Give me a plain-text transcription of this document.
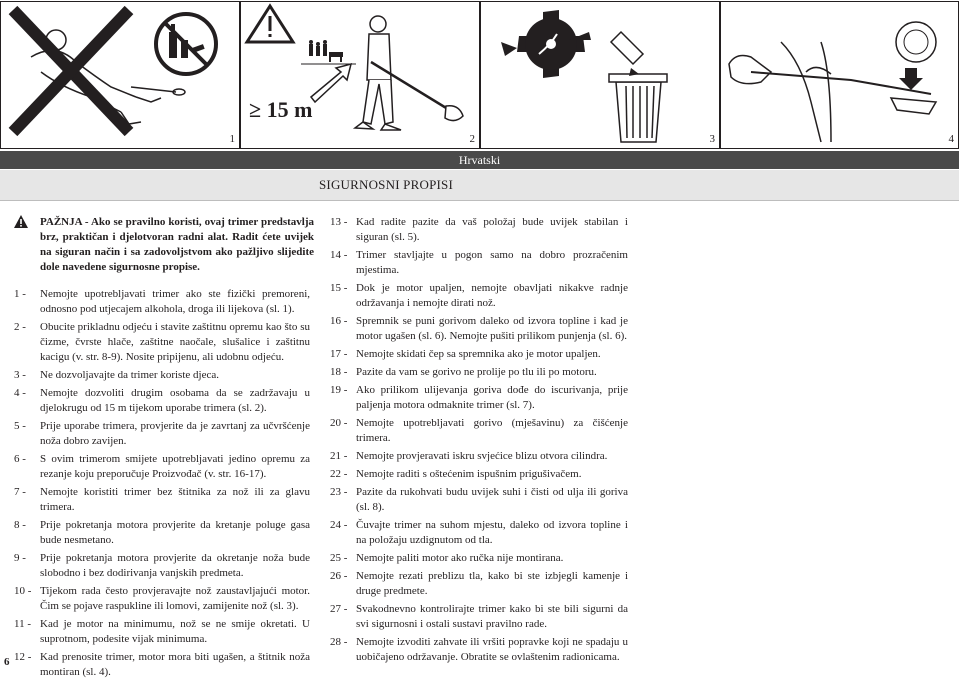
1
≥ 15 m
2	3	4
Hrvatski
SIGURNOSNI PROPISI

PAŽNJA - Ako se pravilno koristi, ovaj trimer predstavlja brz, praktičan i djelotvoran radni alat. Radit ćete uvijek na siguran način i sa zadovoljstvom ako pažljivo slijedite dole navedene sigurnosne propise.

1 - Nemojte upotrebljavati trimer ako ste fizički premoreni, odnosno pod utjecajem alkohola, droga ili lijekova (sl. 1).
2 - Obucite prikladnu odjeću i stavite zaštitnu opremu kao što su čizme, čvrste hlače, zaštitne naočale, slušalice i zaštitnu kacigu (v. str. 8-9). Nosite pripijenu, ali udobnu odjeću.
3 - Ne dozvoljavajte da trimer koriste djeca.
4 - Nemojte dozvoliti drugim osobama da se zadržavaju u djelokrugu od 15 m tijekom uporabe trimera (sl. 2).
5 - Prije uporabe trimera, provjerite da je zavrtanj za učvršćenje noža dobro zavijen.
6 - S ovim trimerom smijete upotrebljavati jedino opremu za rezanje koju preporučuje Proizvođač (v. str. 16-17).
7 - Nemojte koristiti trimer bez štitnika za nož ili za glavu trimera.
8 - Prije pokretanja motora provjerite da kretanje poluge gasa bude nesmetano.
9 - Prije pokretanja motora provjerite da okretanje noža bude slobodno i bez dodirivanja vanjskih predmeta.
10 - Tijekom rada često provjeravajte nož zaustavljajući motor. Čim se pojave raspukline ili lomovi, zamijenite nož (sl. 3).
11 - Kad je motor na minimumu, nož se ne smije okretati. U suprotnom, podesite vijak minimuma.
12 - Kad prenosite trimer, motor mora biti ugašen, a štitnik noža montiran (sl. 4).
13 - Kad radite pazite da vaš položaj bude uvijek stabilan i siguran (sl. 5).
14 - Trimer stavljajte u pogon samo na dobro prozračenim mjestima.
15 - Dok je motor upaljen, nemojte obavljati nikakve radnje održavanja i nemojte dirati nož.
16 - Spremnik se puni gorivom daleko od izvora topline i kad je motor ugašen (sl. 6). Nemojte pušiti prilikom punjenja (sl. 6).
17 - Nemojte skidati čep sa spremnika ako je motor upaljen.
18 - Pazite da vam se gorivo ne prolije po tlu ili po motoru.
19 - Ako prilikom ulijevanja goriva dođe do iscurivanja, prije paljenja motora odmaknite trimer (sl. 7).
20 - Nemojte upotrebljavati gorivo (mješavinu) za čišćenje trimera.
21 - Nemojte provjeravati iskru svjećice blizu otvora cilindra.
22 - Nemojte raditi s oštećenim ispušnim prigušivačem.
23 - Pazite da rukohvati budu uvijek suhi i čisti od ulja ili goriva (sl. 8).
24 - Čuvajte trimer na suhom mjestu, daleko od izvora topline i na položaju uzdignutom od tla.
25 - Nemojte paliti motor ako ručka nije montirana.
26 - Nemojte rezati preblizu tla, kako bi ste izbjegli kamenje i druge predmete.
27 - Svakodnevno kontrolirajte trimer kako bi ste bili sigurni da svi sigurnosni i ostali sustavi pravilno rade.
28 - Nemojte izvoditi zahvate ili vršiti popravke koji ne spadaju u uobičajeno održavanje. Obratite se ovlaštenim radionicama.
6
